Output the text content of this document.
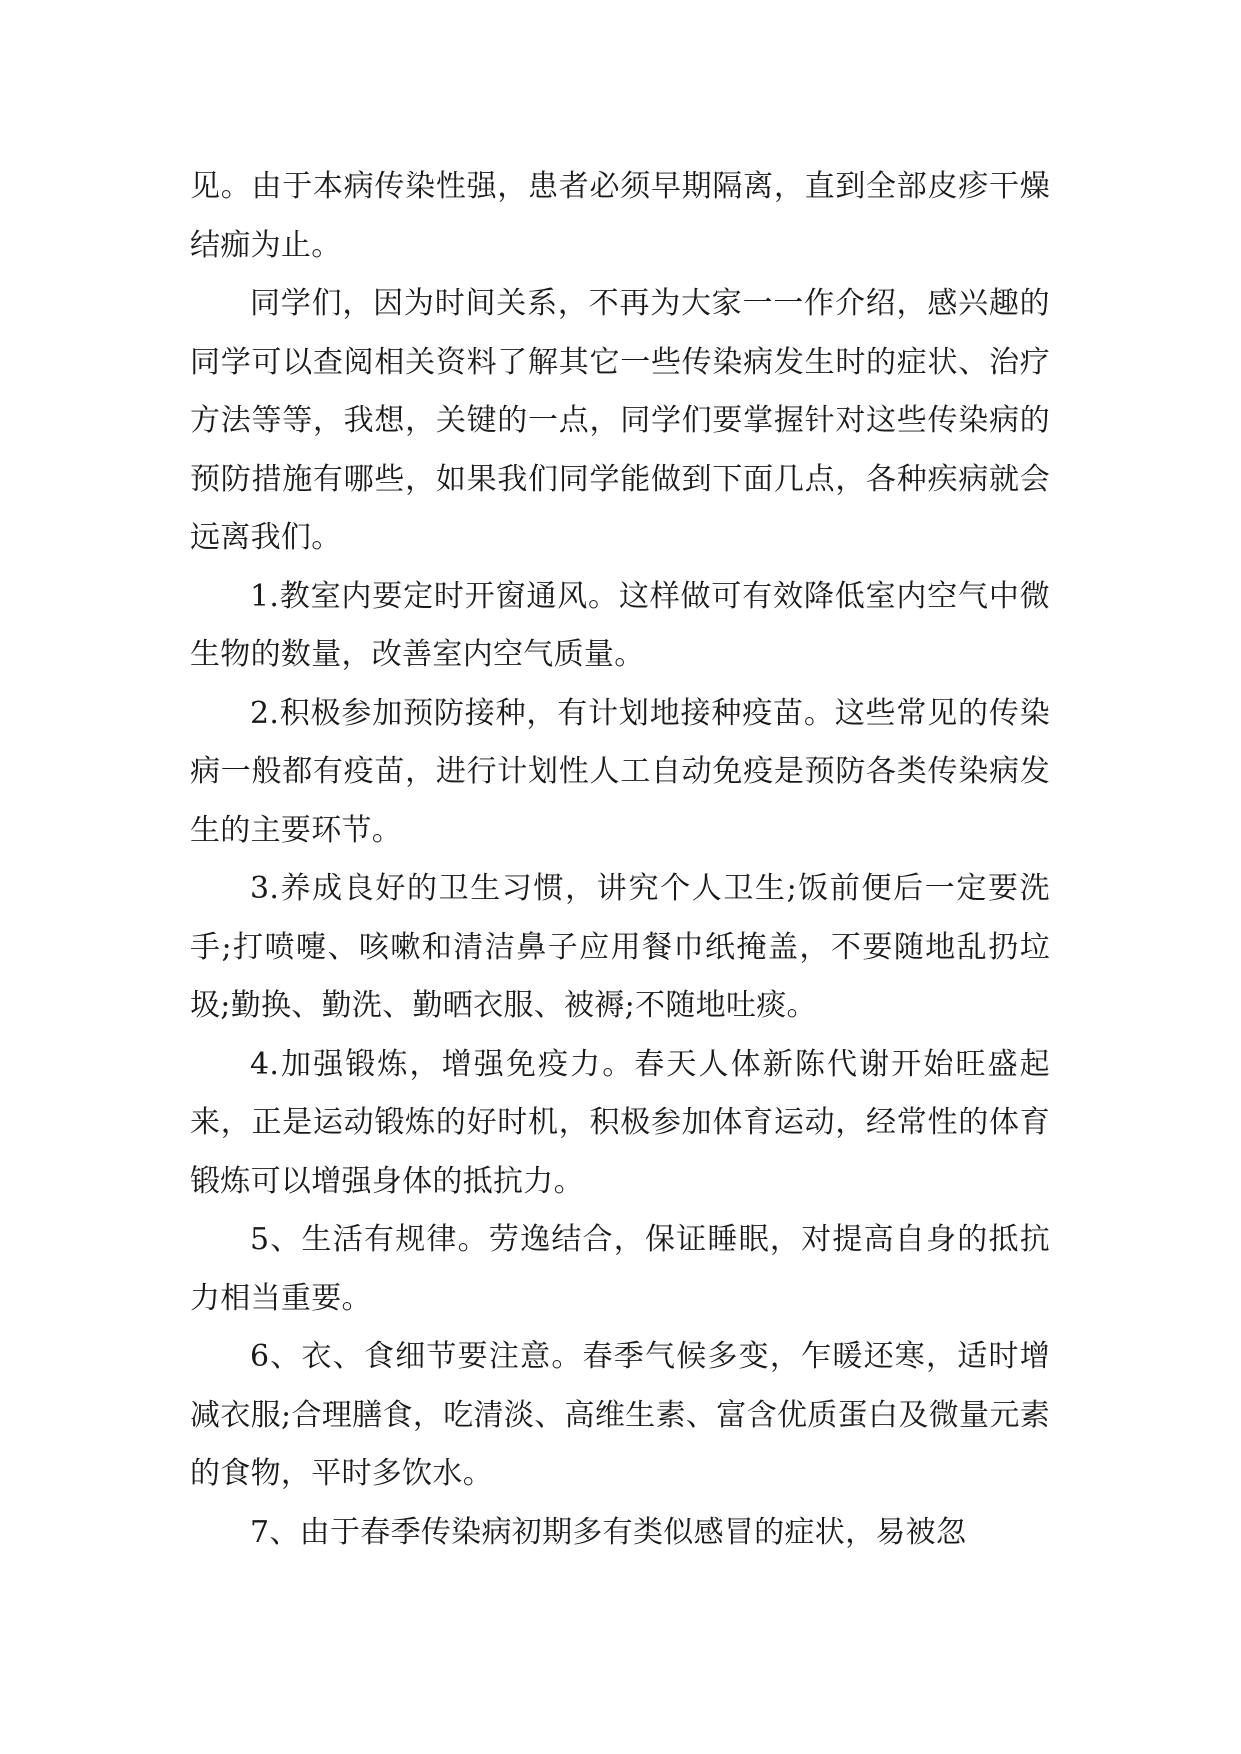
见。由于本病传染性强，患者必须早期隔离，直到全部皮疹干燥结痂为止。

同学们，因为时间关系，不再为大家一一作介绍，感兴趣的同学可以查阅相关资料了解其它一些传染病发生时的症状、治疗方法等等，我想，关键的一点，同学们要掌握针对这些传染病的预防措施有哪些，如果我们同学能做到下面几点，各种疾病就会远离我们。

1.教室内要定时开窗通风。这样做可有效降低室内空气中微生物的数量，改善室内空气质量。

2.积极参加预防接种，有计划地接种疫苗。这些常见的传染病一般都有疫苗，进行计划性人工自动免疫是预防各类传染病发生的主要环节。

3.养成良好的卫生习惯，讲究个人卫生;饭前便后一定要洗手;打喷嚏、咳嗽和清洁鼻子应用餐巾纸掩盖，不要随地乱扔垃圾;勤换、勤洗、勤晒衣服、被褥;不随地吐痰。

4.加强锻炼，增强免疫力。春天人体新陈代谢开始旺盛起来，正是运动锻炼的好时机，积极参加体育运动，经常性的体育锻炼可以增强身体的抵抗力。

5、生活有规律。劳逸结合，保证睡眠，对提高自身的抵抗力相当重要。

6、衣、食细节要注意。春季气候多变，乍暖还寒，适时增减衣服;合理膳食，吃清淡、高维生素、富含优质蛋白及微量元素的食物，平时多饮水。

7、由于春季传染病初期多有类似感冒的症状，易被忽
